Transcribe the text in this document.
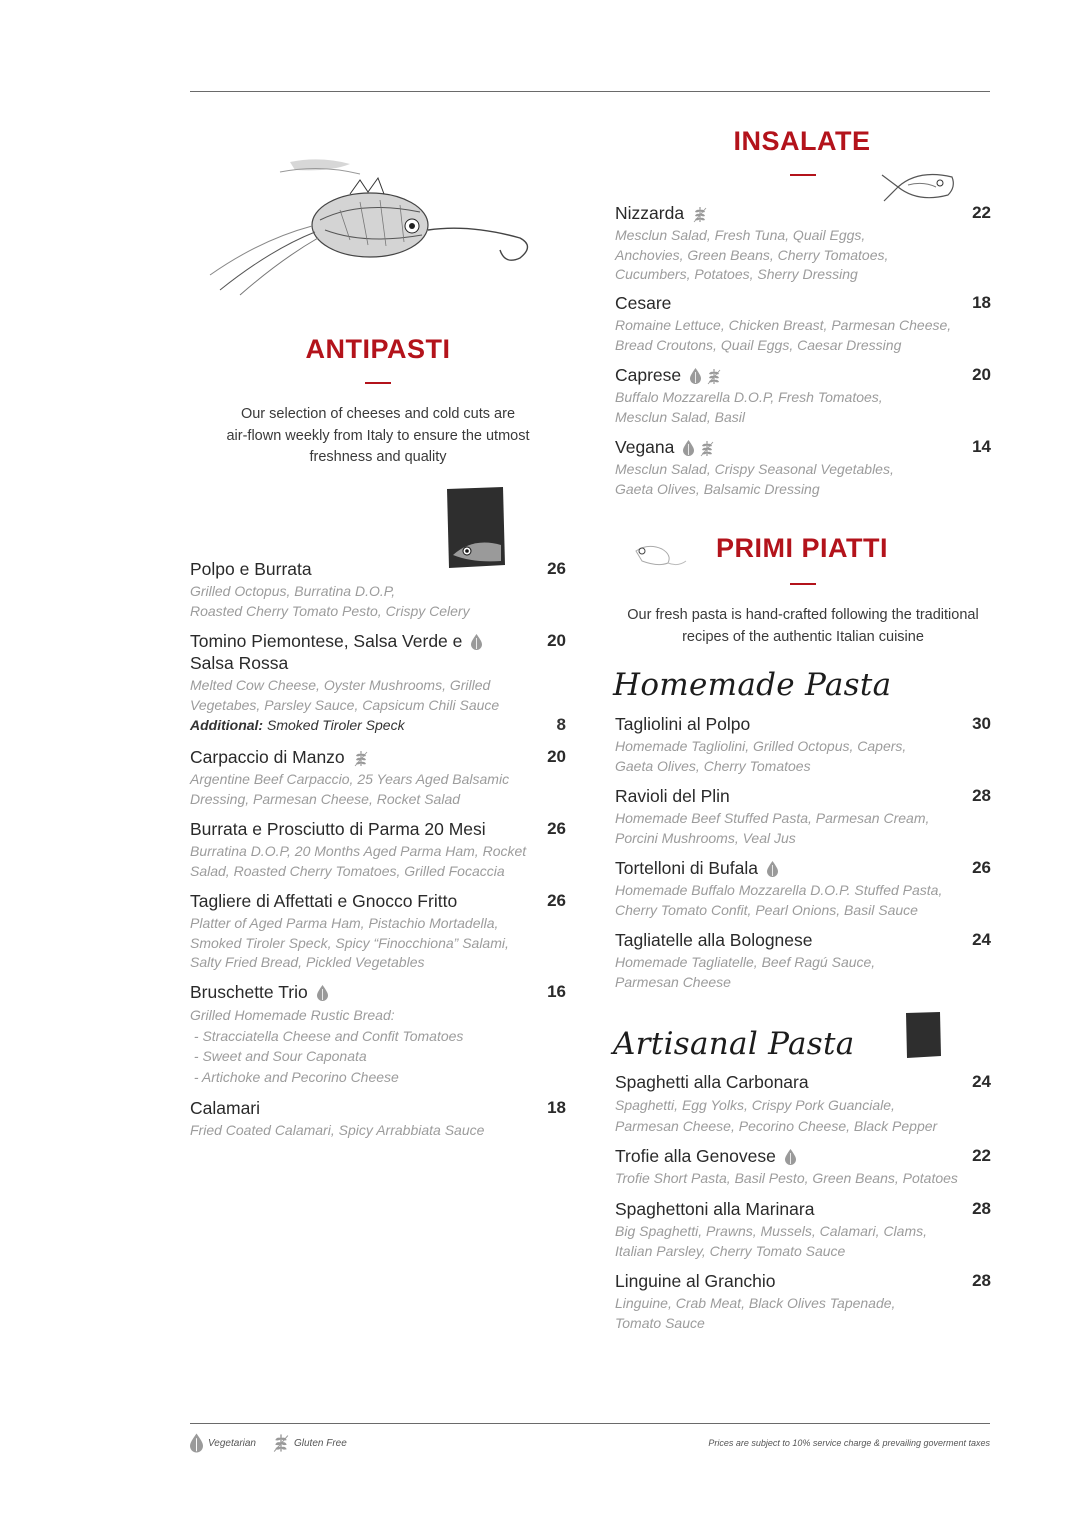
ANTIPASTI
Our selection of cheeses and cold cuts are
air-flown weekly from Italy to ensure the utmost
freshness and quality
Polpo e Burrata	26
Grilled Octopus, Burratina D.O.P,
Roasted Cherry Tomato Pesto, Crispy Celery
Tomino Piemontese, Salsa Verde e
Salsa Rossa
20
Melted Cow Cheese, Oyster Mushrooms, Grilled
Vegetabes, Parsley Sauce, Capsicum Chili Sauce
Additional: Smoked Tiroler Speck	8
Carpaccio di Manzo	20
Argentine Beef Carpaccio, 25 Years Aged Balsamic
Dressing, Parmesan Cheese, Rocket Salad
Burrata e Prosciutto di Parma 20 Mesi	26
Burratina D.O.P, 20 Months Aged Parma Ham, Rocket
Salad, Roasted Cherry Tomatoes, Grilled Focaccia
Tagliere di Affettati e Gnocco Fritto	26
Platter of Aged Parma Ham, Pistachio Mortadella,
Smoked Tiroler Speck, Spicy “Finocchiona” Salami,
Salty Fried Bread, Pickled Vegetables
Bruschette Trio	16
Grilled Homemade Rustic Bread:
- Stracciatella Cheese and Confit Tomatoes
- Sweet and Sour Caponata
- Artichoke and Pecorino Cheese
Calamari	18
Fried Coated Calamari, Spicy Arrabbiata Sauce
INSALATE
Nizzarda	22
Mesclun Salad, Fresh Tuna, Quail Eggs,
Anchovies, Green Beans, Cherry Tomatoes,
Cucumbers, Potatoes, Sherry Dressing
Cesare	18
Romaine Lettuce, Chicken Breast, Parmesan Cheese,
Bread Croutons, Quail Eggs, Caesar Dressing
Caprese	20
Buffalo Mozzarella D.O.P, Fresh Tomatoes,
Mesclun Salad, Basil
Vegana	14
Mesclun Salad, Crispy Seasonal Vegetables,
Gaeta Olives, Balsamic Dressing
PRIMI PIATTI
Our fresh pasta is hand-crafted following the traditional
recipes of the authentic Italian cuisine
Homemade Pasta
Tagliolini al Polpo	30
Homemade Tagliolini, Grilled Octopus, Capers,
Gaeta Olives, Cherry Tomatoes
Ravioli del Plin	28
Homemade Beef Stuffed Pasta, Parmesan Cream,
Porcini Mushrooms, Veal Jus
Tortelloni di Bufala	26
Homemade Buffalo Mozzarella D.O.P. Stuffed Pasta,
Cherry Tomato Confit, Pearl Onions, Basil Sauce
Tagliatelle alla Bolognese	24
Homemade Tagliatelle, Beef Ragú Sauce,
Parmesan Cheese
Artisanal Pasta
Spaghetti alla Carbonara	24
Spaghetti, Egg Yolks, Crispy Pork Guanciale,
Parmesan Cheese, Pecorino Cheese, Black Pepper
Trofie alla Genovese	22
Trofie Short Pasta, Basil Pesto, Green Beans, Potatoes
Spaghettoni alla Marinara	28
Big Spaghetti, Prawns, Mussels, Calamari, Clams,
Italian Parsley, Cherry Tomato Sauce
Linguine al Granchio	28
Linguine, Crab Meat, Black Olives Tapenade,
Tomato Sauce
Vegetarian	Gluten Free	Prices are subject to 10% service charge & prevailing goverment taxes
